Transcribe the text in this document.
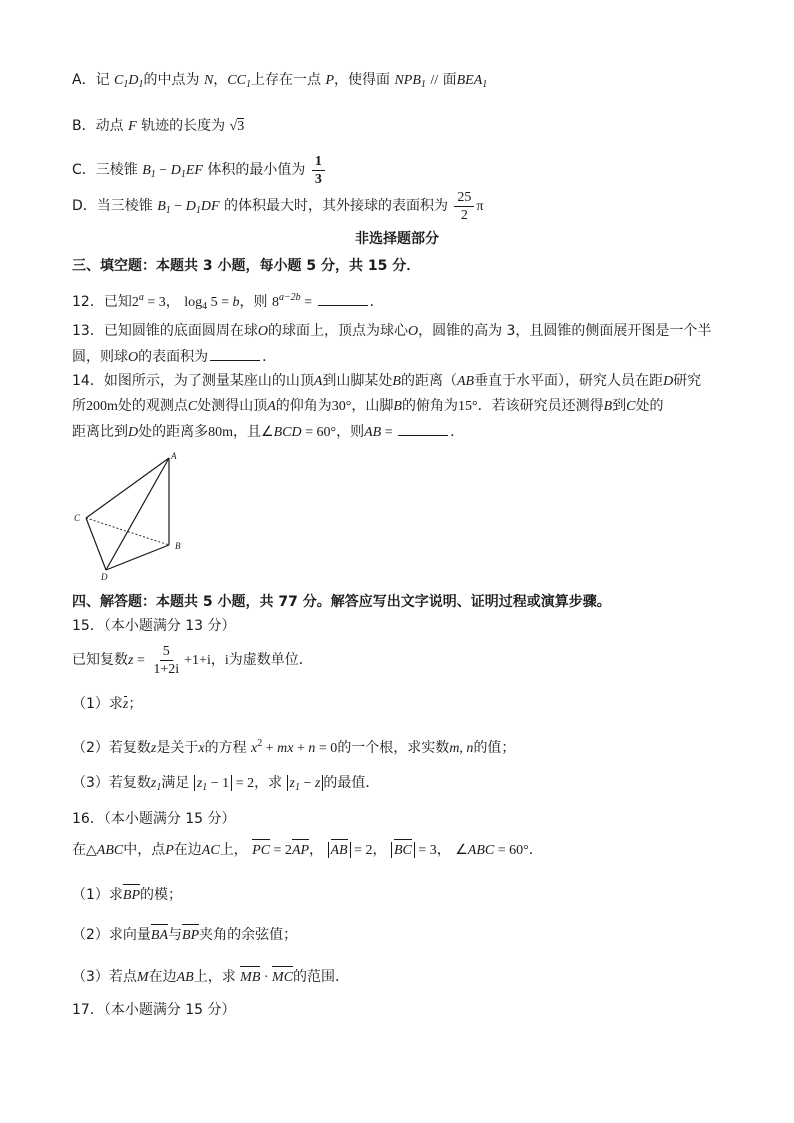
A．记 $C_1D_1$的中点为 N，$CC_1$上存在一点 P，使得面 $NPB_1$ // 面$BEA_1$
B．动点 F 轨迹的长度为 √3
C．三棱锥 $B_1 - D_1EF$ 体积的最小值为 $\frac{1}{3}$
D．当三棱锥 $B_1 - D_1DF$ 的体积最大时，其外接球的表面积为 $\frac{25}{2}$ π
非选择题部分
三、填空题：本题共 3 小题，每小题 5 分，共 15 分．
12．已知$2^a = 3$， $\log_4 5 = b$，则 $8^{a-2b}$ =	．
13．已知圆锥的底面圆周在球O的球面上，顶点为球心O，圆锥的高为 3，且圆锥的侧面展开图是一个半
圆，则球O的表面积为	．
14．如图所示，为了测量某座山的山顶A到山脚某处B的距离（AB垂直于水平面），研究人员在距D研究
所200m处的观测点C处测得山顶A的仰角为30°，山脚B的俯角为15°．若该研究员还测得B到C处的
距离比到D处的距离多80m，且∠BCD = 60°，则AB =	．
A
B
C
D
四、解答题：本题共 5 小题，共 77 分。解答应写出文字说明、证明过程或演算步骤。
15．（本小题满分 13 分）
已知复数$z = \frac{5}{1+2i} +1+i$，i为虚数单位．
（1）求z；
（2）若复数z是关于x的方程 $x^2$ + mx + n = 0的一个根，求实数m, n的值；
（3）若复数$z_1$满足 $z_1 - 1 = 2$，求 $z_1 - z$ 的最值．
16．（本小题满分 15 分）
在△ABC中，点P在边AC上， PC = 2AP， AB = 2， BC = 3， ∠ABC = 60°．
（1）求BP的模；
（2）求向量BA与BP夹角的余弦值；
（3）若点M在边AB上，求 MB · MC的范围．
17．（本小题满分 15 分）
